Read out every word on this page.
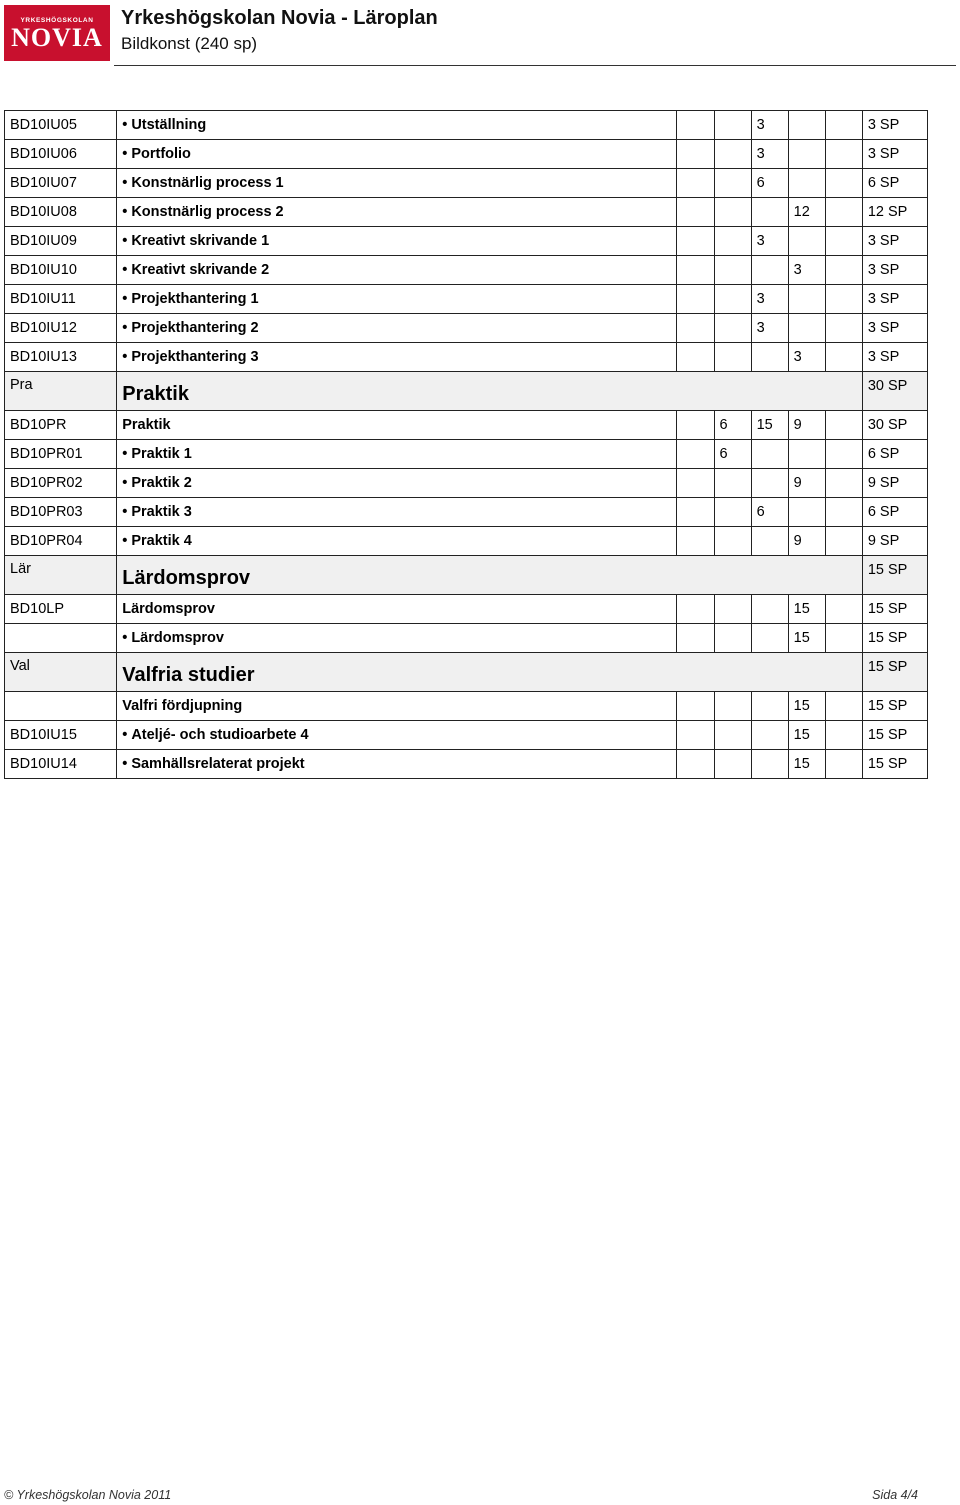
YRKESHÖGSKOLAN
NOVIA
Yrkeshögskolan Novia - Läroplan
Bildkonst (240 sp)
BD10IU05	• Utställning			3			3 SP
BD10IU06	• Portfolio			3			3 SP
BD10IU07	• Konstnärlig process 1			6			6 SP
BD10IU08	• Konstnärlig process 2				12		12 SP
BD10IU09	• Kreativt skrivande 1			3			3 SP
BD10IU10	• Kreativt skrivande 2				3		3 SP
BD10IU11	• Projekthantering 1			3			3 SP
BD10IU12	• Projekthantering 2			3			3 SP
BD10IU13	• Projekthantering 3				3		3 SP
Pra	Praktik						30 SP
BD10PR	Praktik		6	15	9		30 SP
BD10PR01	• Praktik 1		6				6 SP
BD10PR02	• Praktik 2				9		9 SP
BD10PR03	• Praktik 3			6			6 SP
BD10PR04	• Praktik 4				9		9 SP
Lär	Lärdomsprov						15 SP
BD10LP	Lärdomsprov				15		15 SP
	• Lärdomsprov				15		15 SP
Val	Valfria studier						15 SP
	Valfri fördjupning				15		15 SP
BD10IU15	• Ateljé- och studioarbete 4				15		15 SP
BD10IU14	• Samhällsrelaterat projekt				15		15 SP
© Yrkeshögskolan Novia 2011	Sida 4/4
